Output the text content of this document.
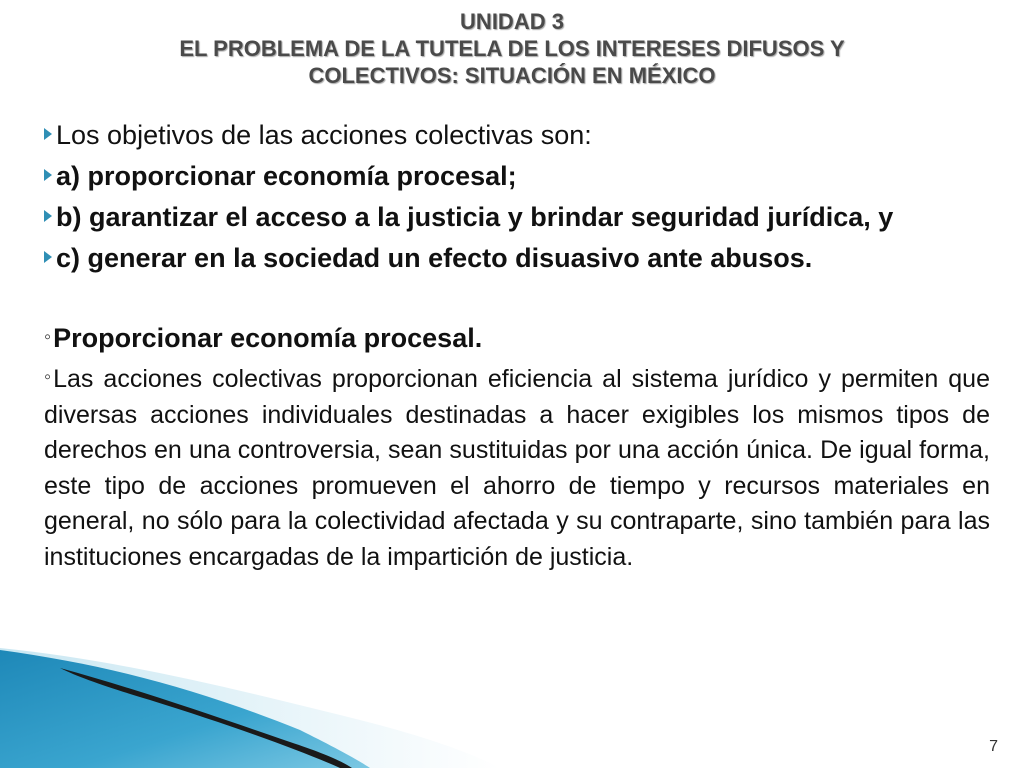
UNIDAD 3
EL PROBLEMA DE LA TUTELA DE LOS INTERESES DIFUSOS Y
COLECTIVOS: SITUACIÓN EN MÉXICO
Los objetivos de las acciones colectivas son:
a) proporcionar economía procesal;
b) garantizar el acceso a la justicia y brindar seguridad jurídica, y
c) generar en la sociedad un efecto disuasivo ante abusos.
◦Proporcionar economía procesal.
◦Las acciones colectivas proporcionan eficiencia al sistema jurídico y permiten que diversas acciones individuales destinadas a hacer exigibles los mismos tipos de derechos en una controversia, sean sustituidas por una acción única. De igual forma, este tipo de acciones promueven el ahorro de tiempo y recursos materiales en general, no sólo para la colectividad afectada y su contraparte, sino también para las instituciones encargadas de la impartición de justicia.
7
